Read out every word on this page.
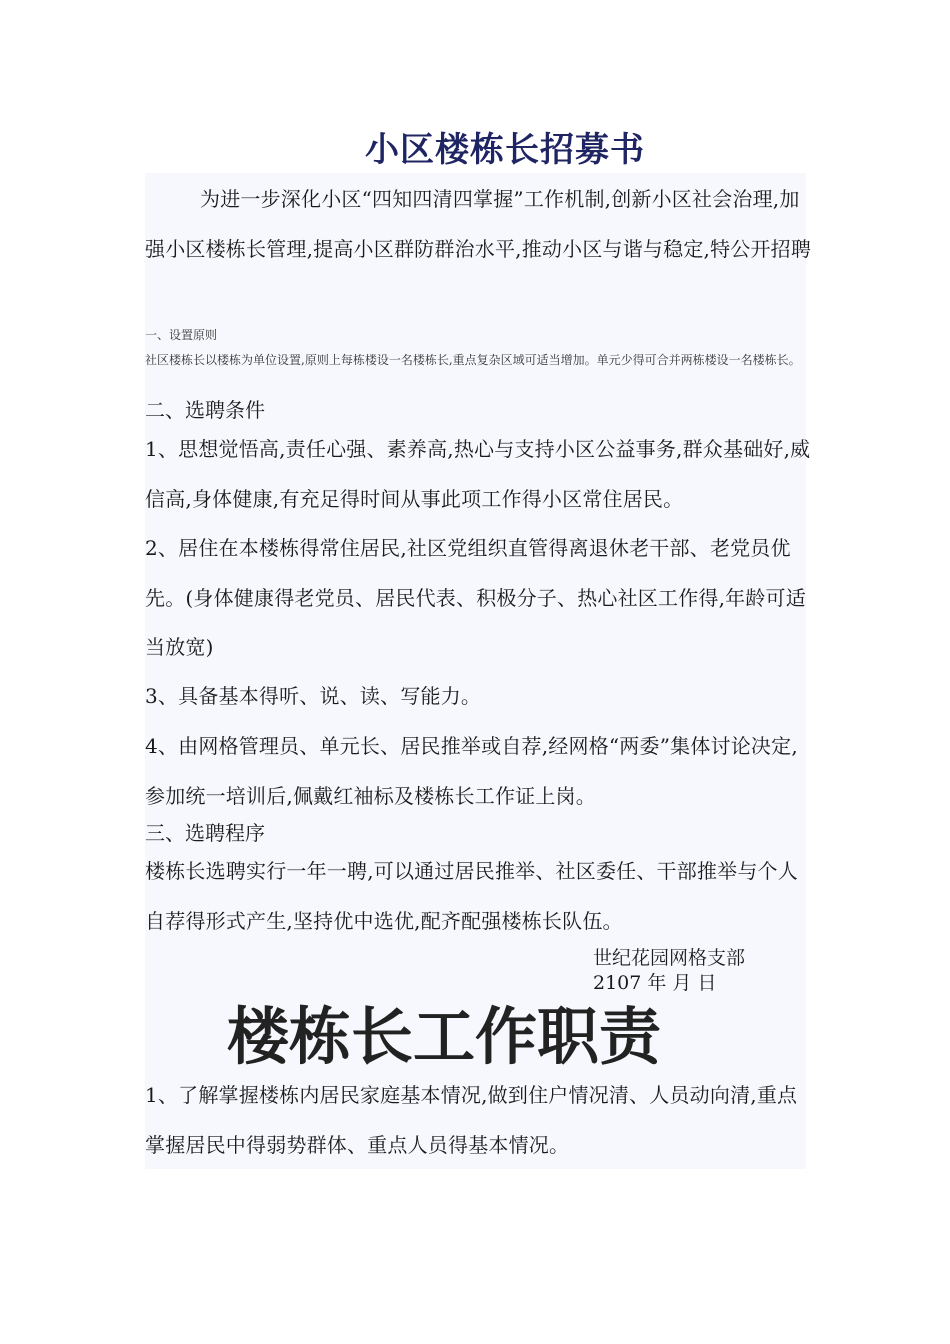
小区楼栋长招募书

为进一步深化小区“四知四清四掌握”工作机制,创新小区社会治理,加强小区楼栋长管理,提高小区群防群治水平,推动小区与谐与稳定,特公开招聘

一、设置原则

社区楼栋长以楼栋为单位设置,原则上每栋楼设一名楼栋长,重点复杂区域可适当增加。单元少得可合并两栋楼设一名楼栋长。

二、选聘条件

1、思想觉悟高,责任心强、素养高,热心与支持小区公益事务,群众基础好,威信高,身体健康,有充足得时间从事此项工作得小区常住居民。

2、居住在本楼栋得常住居民,社区党组织直管得离退休老干部、老党员优先。(身体健康得老党员、居民代表、积极分子、热心社区工作得,年龄可适当放宽)

3、具备基本得听、说、读、写能力。

4、由网格管理员、单元长、居民推举或自荐,经网格“两委”集体讨论决定,参加统一培训后,佩戴红袖标及楼栋长工作证上岗。

三、选聘程序

楼栋长选聘实行一年一聘,可以通过居民推举、社区委任、干部推举与个人自荐得形式产生,坚持优中选优,配齐配强楼栋长队伍。

世纪花园网格支部

2107 年 月 日

楼栋长工作职责

1、了解掌握楼栋内居民家庭基本情况,做到住户情况清、人员动向清,重点掌握居民中得弱势群体、重点人员得基本情况。
